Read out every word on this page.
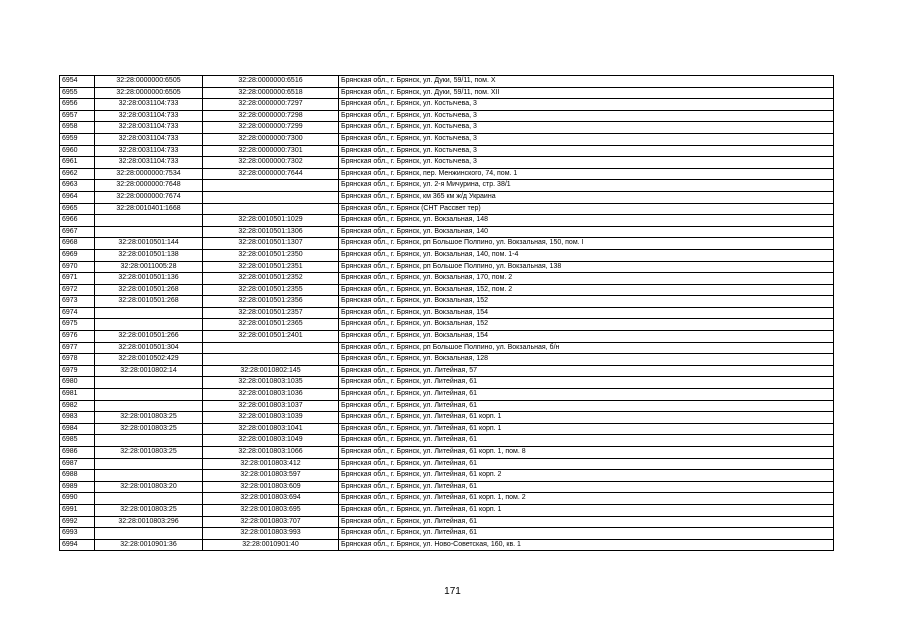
6954	32:28:0000000:6505	32:28:0000000:6516	Брянская обл., г. Брянск, ул. Дуки, 59/11, пом. X
6955	32:28:0000000:6505	32:28:0000000:6518	Брянская обл., г. Брянск, ул. Дуки, 59/11, пом. XII
6956	32:28:0031104:733	32:28:0000000:7297	Брянская обл., г. Брянск, ул. Костычева, 3
6957	32:28:0031104:733	32:28:0000000:7298	Брянская обл., г. Брянск, ул. Костычева, 3
6958	32:28:0031104:733	32:28:0000000:7299	Брянская обл., г. Брянск, ул. Костычева, 3
6959	32:28:0031104:733	32:28:0000000:7300	Брянская обл., г. Брянск, ул. Костычева, 3
6960	32:28:0031104:733	32:28:0000000:7301	Брянская обл., г. Брянск, ул. Костычева, 3
6961	32:28:0031104:733	32:28:0000000:7302	Брянская обл., г. Брянск, ул. Костычева, 3
6962	32:28:0000000:7534	32:28:0000000:7644	Брянская обл., г. Брянск, пер. Менжинского, 74, пом. 1
6963	32:28:0000000:7648		Брянская обл., г. Брянск, ул. 2-я Мичурина, стр. 38/1
6964	32:28:0000000:7674		Брянская обл., г. Брянск, км 365 км ж/д Украина
6965	32:28:0010401:1668		Брянская обл., г. Брянск (СНТ Рассвет тер)
6966		32:28:0010501:1029	Брянская обл., г. Брянск, ул. Вокзальная, 148
6967		32:28:0010501:1306	Брянская обл., г. Брянск, ул. Вокзальная, 140
6968	32:28:0010501:144	32:28:0010501:1307	Брянская обл., г. Брянск, рп Большое Полпино, ул. Вокзальная, 150, пом. I
6969	32:28:0010501:138	32:28:0010501:2350	Брянская обл., г. Брянск, ул. Вокзальная, 140, пом. 1-4
6970	32:28:0011005:28	32:28:0010501:2351	Брянская обл., г. Брянск, рп Большое Полпино, ул. Вокзальная, 138
6971	32:28:0010501:136	32:28:0010501:2352	Брянская обл., г. Брянск, ул. Вокзальная, 170, пом. 2
6972	32:28:0010501:268	32:28:0010501:2355	Брянская обл., г. Брянск, ул. Вокзальная, 152, пом. 2
6973	32:28:0010501:268	32:28:0010501:2356	Брянская обл., г. Брянск, ул. Вокзальная, 152
6974		32:28:0010501:2357	Брянская обл., г. Брянск, ул. Вокзальная, 154
6975		32:28:0010501:2365	Брянская обл., г. Брянск, ул. Вокзальная, 152
6976	32:28:0010501:266	32:28:0010501:2401	Брянская обл., г. Брянск, ул. Вокзальная, 154
6977	32:28:0010501:304		Брянская обл., г. Брянск, рп Большое Полпино, ул. Вокзальная, б/н
6978	32:28:0010502:429		Брянская обл., г. Брянск, ул. Вокзальная, 128
6979	32:28:0010802:14	32:28:0010802:145	Брянская обл., г. Брянск, ул. Литейная, 57
6980		32:28:0010803:1035	Брянская обл., г. Брянск, ул. Литейная, 61
6981		32:28:0010803:1036	Брянская обл., г. Брянск, ул. Литейная, 61
6982		32:28:0010803:1037	Брянская обл., г. Брянск, ул. Литейная, 61
6983	32:28:0010803:25	32:28:0010803:1039	Брянская обл., г. Брянск, ул. Литейная, 61 корп. 1
6984	32:28:0010803:25	32:28:0010803:1041	Брянская обл., г. Брянск, ул. Литейная, 61 корп. 1
6985		32:28:0010803:1049	Брянская обл., г. Брянск, ул. Литейная, 61
6986	32:28:0010803:25	32:28:0010803:1066	Брянская обл., г. Брянск, ул. Литейная, 61 корп. 1, пом. 8
6987		32:28:0010803:412	Брянская обл., г. Брянск, ул. Литейная, 61
6988		32:28:0010803:597	Брянская обл., г. Брянск, ул. Литейная, 61 корп. 2
6989	32:28:0010803:20	32:28:0010803:609	Брянская обл., г. Брянск, ул. Литейная, 61
6990		32:28:0010803:694	Брянская обл., г. Брянск, ул. Литейная, 61 корп. 1, пом. 2
6991	32:28:0010803:25	32:28:0010803:695	Брянская обл., г. Брянск, ул. Литейная, 61 корп. 1
6992	32:28:0010803:296	32:28:0010803:707	Брянская обл., г. Брянск, ул. Литейная, 61
6993		32:28:0010803:993	Брянская обл., г. Брянск, ул. Литейная, 61
6994	32:28:0010901:36	32:28:0010901:40	Брянская обл., г. Брянск, ул. Ново-Советская, 160, кв. 1
171
